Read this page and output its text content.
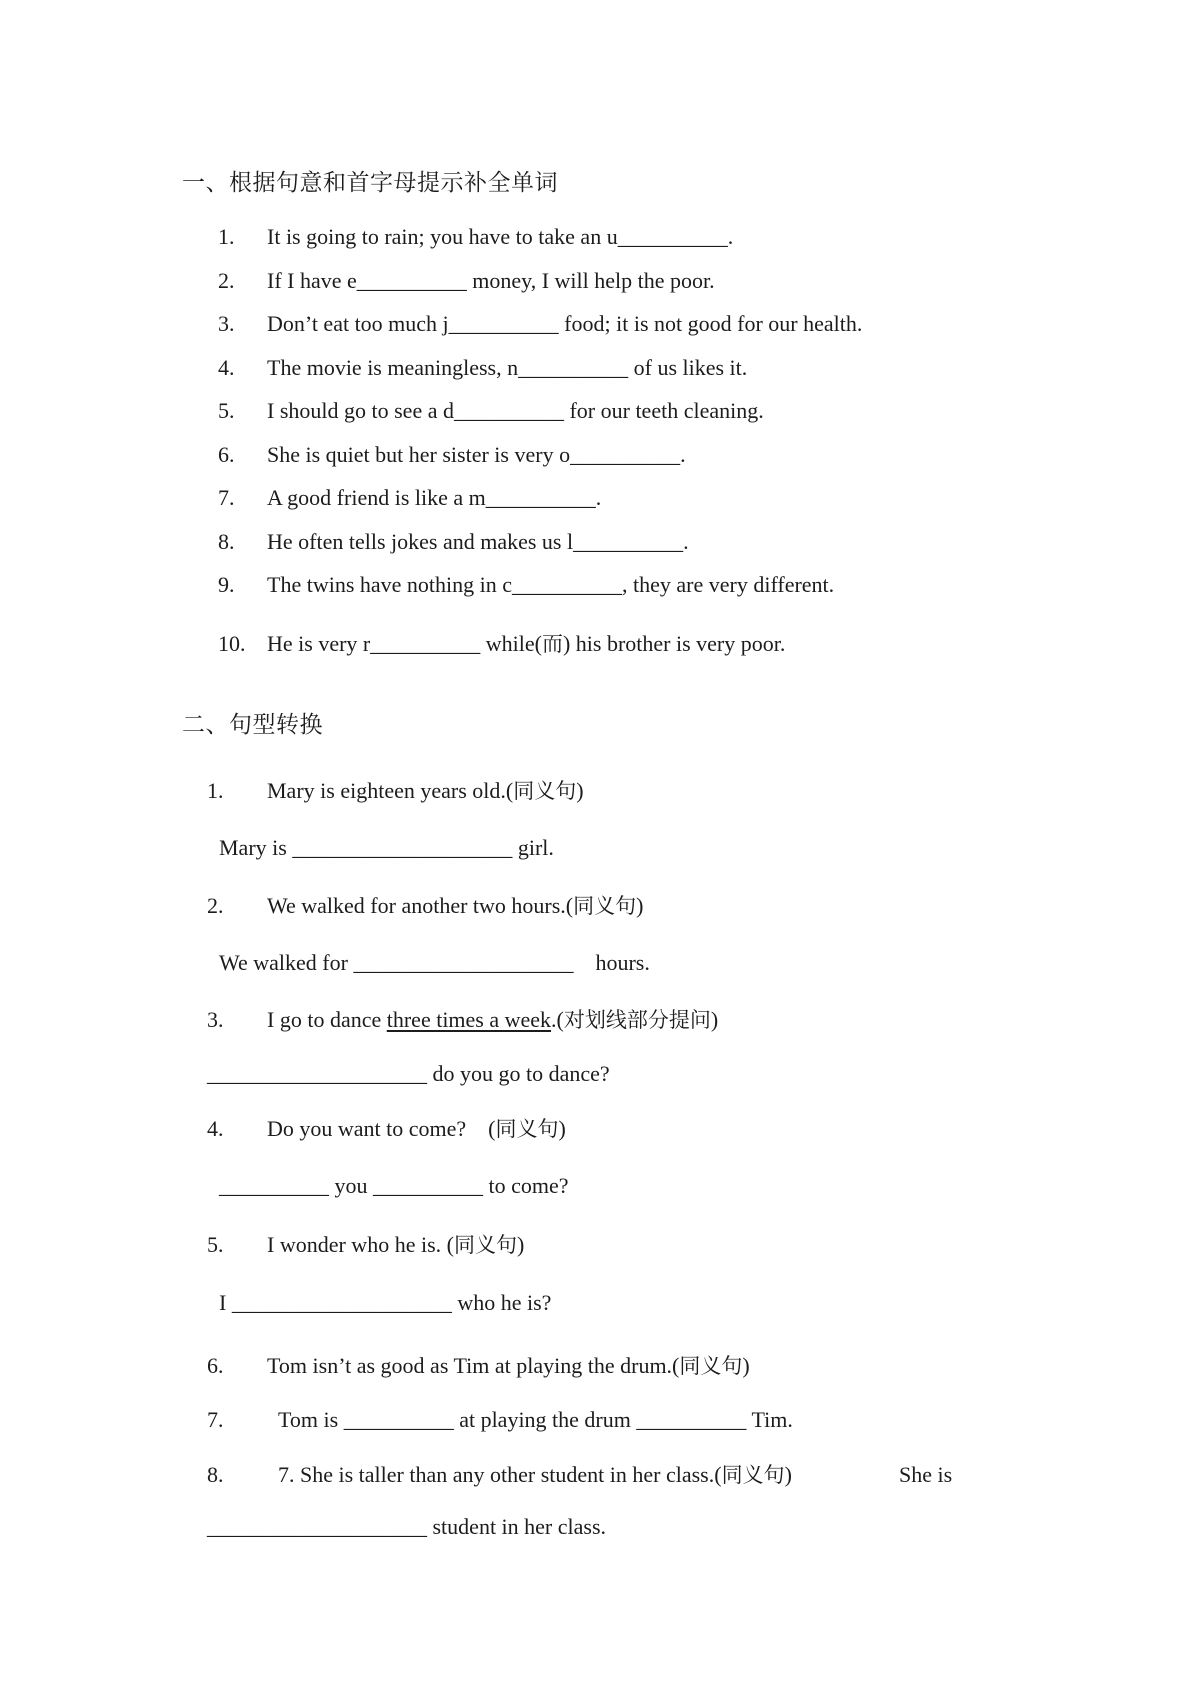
一、根据句意和首字母提示补全单词
1. It is going to rain; you have to take an u__________.
2. If I have e__________ money, I will help the poor.
3. Don’t eat too much j__________ food; it is not good for our health.
4. The movie is meaningless, n__________ of us likes it.
5. I should go to see a d__________ for our teeth cleaning.
6. She is quiet but her sister is very o__________.
7. A good friend is like a m__________.
8. He often tells jokes and makes us l__________.
9. The twins have nothing in c__________, they are very different.
10. He is very r__________ while(而) his brother is very poor.
二、句型转换
1. Mary is eighteen years old.(同义句)
Mary is ____________________ girl.
2. We walked for another two hours.(同义句)
We walked for ____________________    hours.
3. I go to dance three times a week.(对划线部分提问)
____________________ do you go to dance?
4. Do you want to come?    (同义句)
__________ you __________ to come?
5. I wonder who he is. (同义句)
I ____________________ who he is?
6. Tom isn’t as good as Tim at playing the drum.(同义句)
7. Tom is __________ at playing the drum __________ Tim.
8. 7. She is taller than any other student in her class.(同义句)	She is
____________________ student in her class.
